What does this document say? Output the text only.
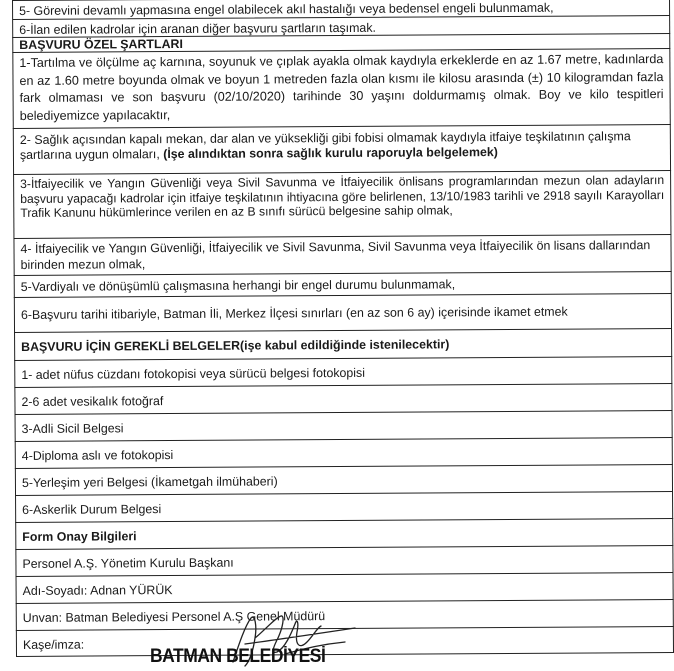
5- Görevini devamlı yapmasına engel olabilecek akıl hastalığı veya bedensel engeli bulunmamak,
6-İlan edilen kadrolar için aranan diğer başvuru şartların taşımak.
BAŞVURU ÖZEL ŞARTLARI
1-Tartılma ve ölçülme aç karnına, soyunuk ve çıplak ayakla olmak kaydıyla erkeklerde en az 1.67 metre, kadınlarda en az 1.60 metre boyunda olmak ve boyun 1 metreden fazla olan kısmı ile kilosu arasında (±) 10 kilogramdan fazla fark olmaması ve son başvuru (02/10/2020) tarihinde 30 yaşını doldurmamış olmak. Boy ve kilo tespitleri belediyemizce yapılacaktır,
2- Sağlık açısından kapalı mekan, dar alan ve yüksekliği gibi fobisi olmamak kaydıyla itfaiye teşkilatının çalışma şartlarına uygun olmaları, (İşe alındıktan sonra sağlık kurulu raporuyla belgelemek)
3-İtfaiyecilik ve Yangın Güvenliği veya Sivil Savunma ve İtfaiyecilik önlisans programlarından mezun olan adayların başvuru yapacağı kadrolar için itfaiye teşkilatının ihtiyacına göre belirlenen, 13/10/1983 tarihli ve 2918 sayılı Karayolları Trafik Kanunu hükümlerince verilen en az B sınıfı sürücü belgesine sahip olmak,
4- İtfaiyecilik ve Yangın Güvenliği, İtfaiyecilik ve Sivil Savunma, Sivil Savunma veya İtfaiyecilik ön lisans dallarından birinden mezun olmak,
5-Vardiyalı ve dönüşümlü çalışmasına herhangi bir engel durumu bulunmamak,
6-Başvuru tarihi itibariyle, Batman İli, Merkez İlçesi sınırları (en az son 6 ay) içerisinde ikamet etmek
BAŞVURU İÇİN GEREKLİ BELGELER(işe kabul edildiğinde istenilecektir)
1- adet nüfus cüzdanı fotokopisi veya sürücü belgesi fotokopisi
2-6 adet vesikalık fotoğraf
3-Adli Sicil Belgesi
4-Diploma aslı ve fotokopisi
5-Yerleşim yeri Belgesi (İkametgah ilmühaberi)
6-Askerlik Durum Belgesi
Form Onay Bilgileri
Personel A.Ş. Yönetim Kurulu Başkanı
Adı-Soyadı: Adnan YÜRÜK
Unvan: Batman Belediyesi Personel A.Ş Genel Müdürü
Kaşe/imza:
BATMAN BELEDİYESİ
